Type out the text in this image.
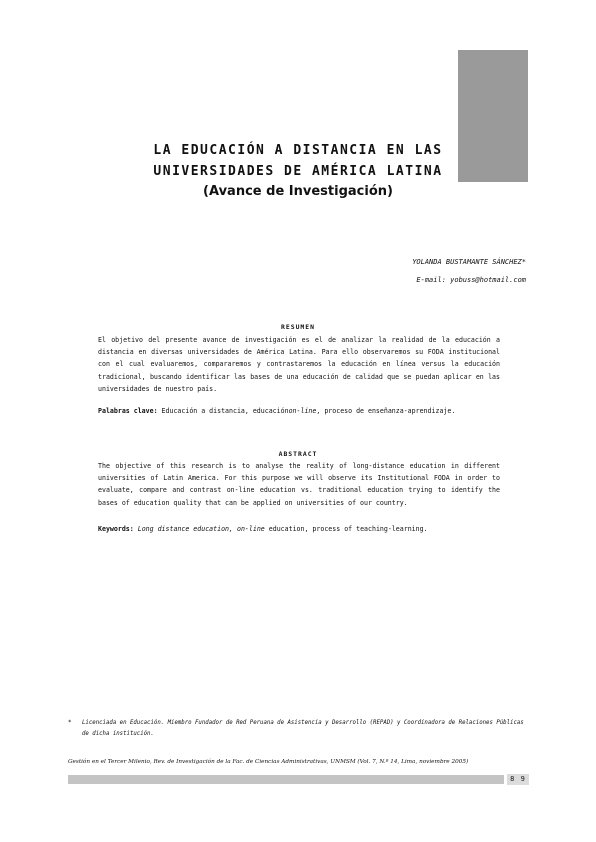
LA EDUCACIÓN A DISTANCIA EN LAS
UNIVERSIDADES DE AMÉRICA LATINA
(Avance de Investigación)
YOLANDA BUSTAMANTE SÁNCHEZ*
E-mail: yobuss@hotmail.com
RESUMEN
El objetivo del presente avance de investigación es el de analizar la realidad de la educación a distancia en diversas universidades de América Latina. Para ello observaremos su FODA institucional con el cual evaluaremos, compararemos y contrastaremos la educación en línea versus la educación tradicional, buscando identificar las bases de una educación de calidad que se puedan aplicar en las universidades de nuestro país.
Palabras clave: Educación a distancia, educaciónon-line, proceso de enseñanza-aprendizaje.
ABSTRACT
The objective of this research is to analyse the reality of long-distance education in different universities of Latin America. For this purpose we will observe its Institutional FODA in order to evaluate, compare and contrast on-line education vs. traditional education trying to identify the bases of education quality that can be applied on universities of our country.
Keywords: Long distance education, on-line education, process of teaching-learning.
* Licenciada en Educación. Miembro Fundador de Red Peruana de Asistencia y Desarrollo (REPAD) y Coordinadora de Relaciones Públicas de dicha institución.
Gestión en el Tercer Milenio, Rev. de Investigación de la Fac. de Ciencias Administrativas, UNMSM (Vol. 7, N.º 14, Lima, noviembre 2005)
8 9
